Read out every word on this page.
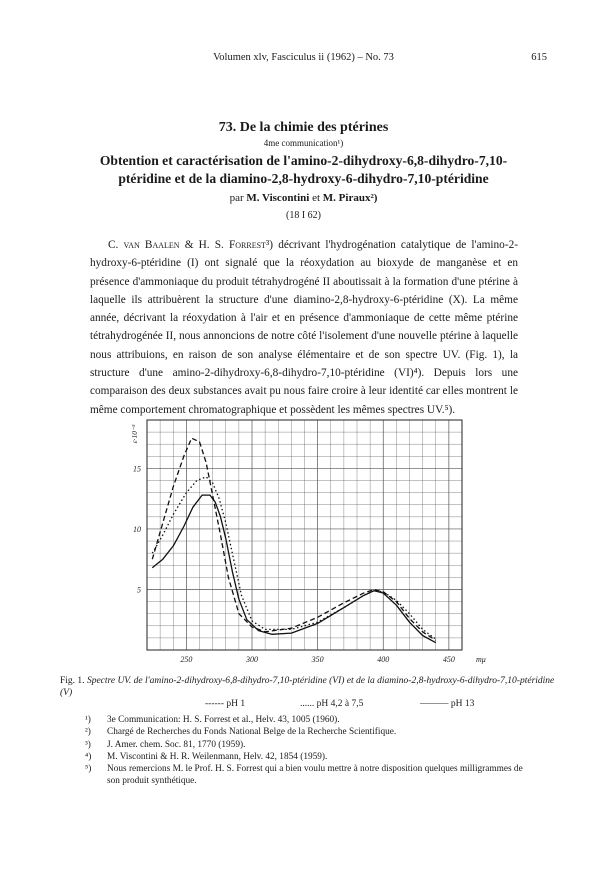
Volumen xlv, Fasciculus ii (1962) – No. 73	615
73. De la chimie des ptérines
4me communication¹)
Obtention et caractérisation de l'amino-2-dihydroxy-6,8-dihydro-7,10-
ptéridine et de la diamino-2,8-hydroxy-6-dihydro-7,10-ptéridine
par M. Viscontini et M. Piraux²)
(18 I 62)
C. van Baalen & H. S. Forrest³) décrivant l'hydrogénation catalytique de l'amino-2-hydroxy-6-ptéridine (I) ont signalé que la réoxydation au bioxyde de manganèse et en présence d'ammoniaque du produit tétrahydrogéné II aboutissait à la formation d'une ptérine à laquelle ils attribuèrent la structure d'une diamino-2,8-hydroxy-6-ptéridine (X). La même année, décrivant la réoxydation à l'air et en présence d'ammoniaque de cette même ptérine tétrahydrogénée II, nous annoncions de notre côté l'isolement d'une nouvelle ptérine à laquelle nous attribuions, en raison de son analyse élémentaire et de son spectre UV. (Fig. 1), la structure d'une amino-2-dihydroxy-6,8-dihydro-7,10-ptéridine (VI)⁴). Depuis lors une comparaison des deux substances avait pu nous faire croire à leur identité car elles montrent le même comportement chromatographique et possèdent les mêmes spectres UV.⁵).
250	300	350	400	450	mμ
5
10
15
ε·10⁻³
Fig. 1. Spectre UV. de l'amino-2-dihydroxy-6,8-dihydro-7,10-ptéridine (VI) et de la diamino-2,8-hydroxy-6-dihydro-7,10-ptéridine (V)
------ pH 1	...... pH 4,2 à 7,5	——— pH 13
¹) 3e Communication: H. S. Forrest et al., Helv. 43, 1005 (1960).
²) Chargé de Recherches du Fonds National Belge de la Recherche Scientifique.
³) J. Amer. chem. Soc. 81, 1770 (1959).
⁴) M. Viscontini & H. R. Weilenmann, Helv. 42, 1854 (1959).
⁵) Nous remercions M. le Prof. H. S. Forrest qui a bien voulu mettre à notre disposition quelques milligrammes de son produit synthétique.
